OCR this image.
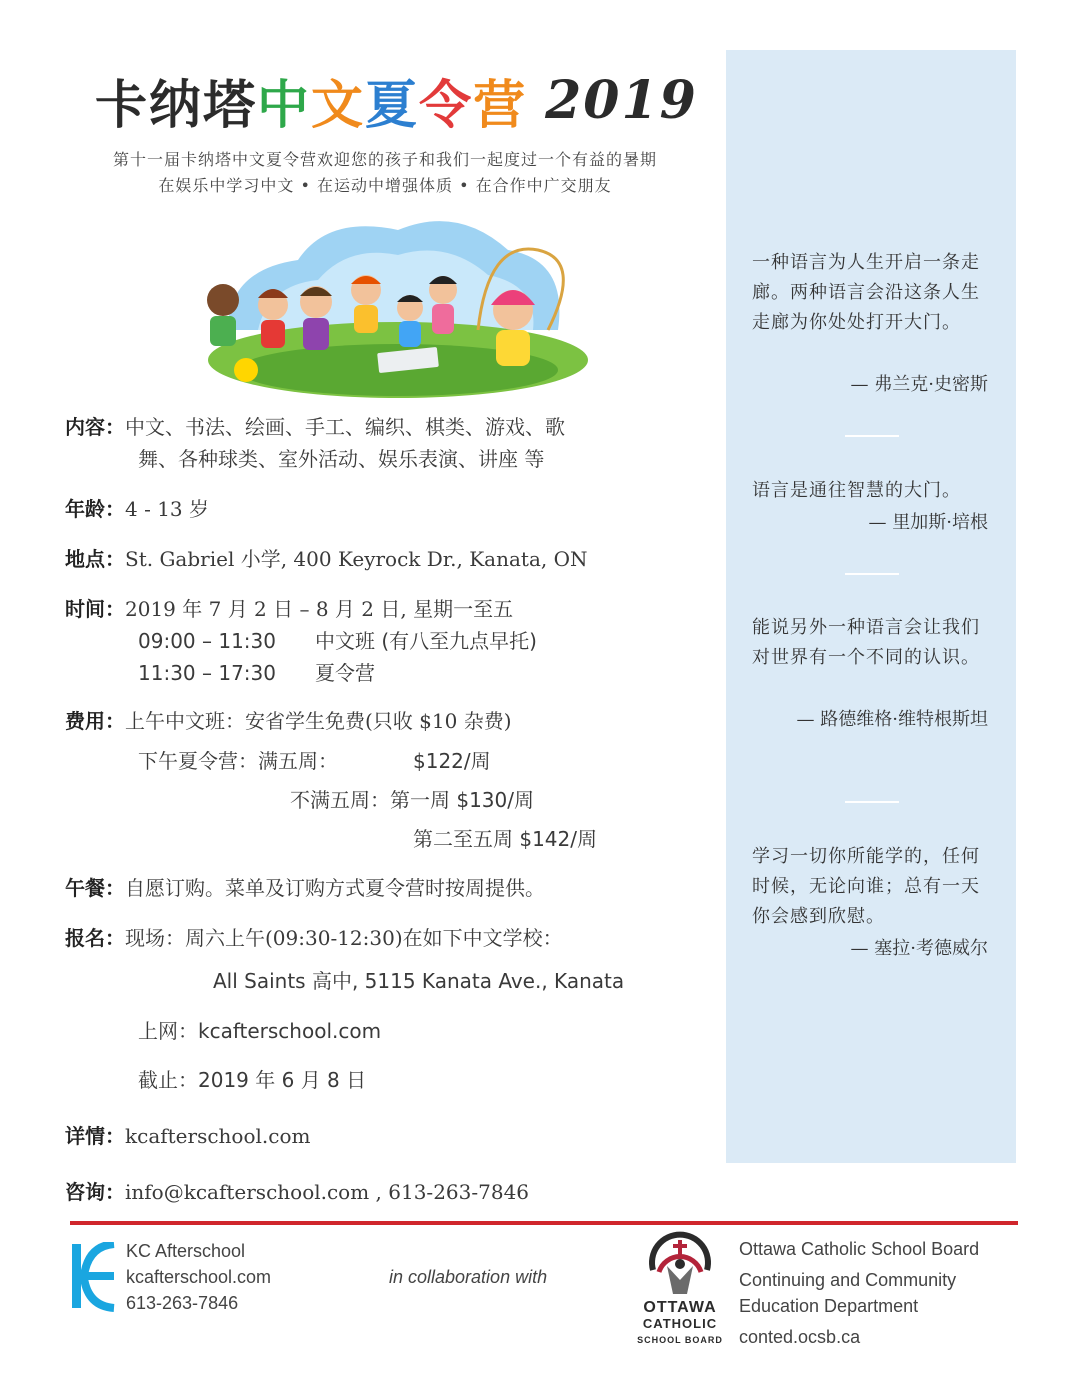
卡纳塔 中 文 夏 令 营 2019
第十一届卡纳塔中文夏令营欢迎您的孩子和我们一起度过一个有益的暑期
在娱乐中学习中文 • 在运动中增强体质 • 在合作中广交朋友
内容：中文、书法、绘画、手工、编织、棋类、游戏、歌
舞、各种球类、室外活动、娱乐表演、讲座 等
年龄：4 - 13 岁
地点：St. Gabriel 小学, 400 Keyrock Dr., Kanata, ON
时间：2019 年 7 月 2 日 – 8 月 2 日, 星期一至五
09:00 – 11:30 中文班 (有八至九点早托)
11:30 – 17:30 夏令营
费用：上午中文班：安省学生免费(只收 $10 杂费)
下午夏令营：满五周：	$122/周
不满五周：第一周 $130/周
第二至五周 $142/周
午餐：自愿订购。菜单及订购方式夏令营时按周提供。
报名：现场：周六上午(09:30-12:30)在如下中文学校：
All Saints 高中, 5115 Kanata Ave., Kanata
上网：kcafterschool.com
截止：2019 年 6 月 8 日
详情：kcafterschool.com
咨询：info@kcafterschool.com , 613-263-7846
一种语言为人生开启一条走廊。两种语言会沿这条人生走廊为你处处打开大门。
— 弗兰克·史密斯
语言是通往智慧的大门。
— 里加斯·培根
能说另外一种语言会让我们对世界有一个不同的认识。
— 路德维格·维特根斯坦
学习一切你所能学的，任何时候，无论向谁；总有一天你会感到欣慰。
— 塞拉·考德威尔
KC Afterschool
kcafterschool.com
613-263-7846
in collaboration with
OTTAWA
CATHOLIC
SCHOOL BOARD
Ottawa Catholic School Board
Continuing and Community
Education Department
conted.ocsb.ca
